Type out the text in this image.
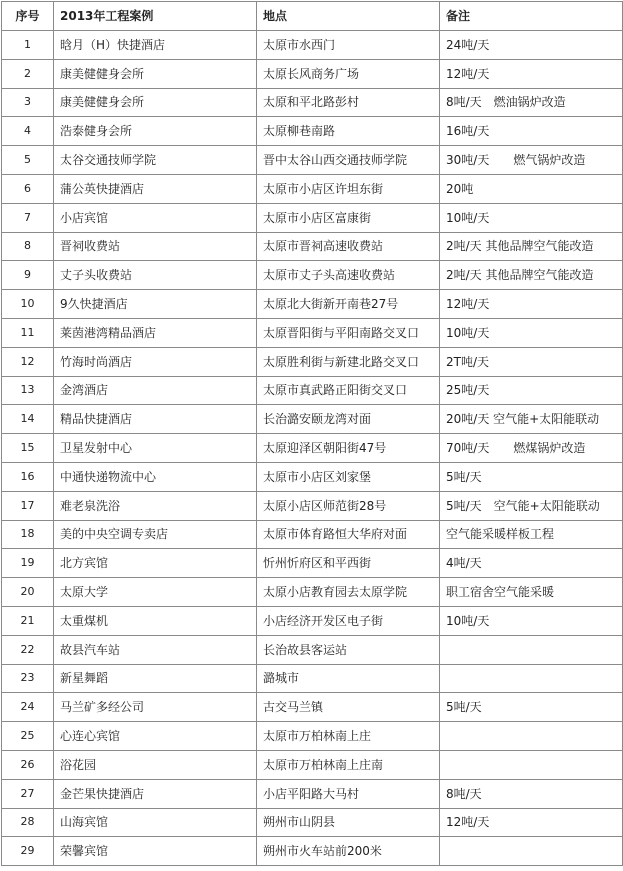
序号	2013年工程案例	地点	备注
1	晗月（H）快捷酒店	太原市水西门	24吨/天
2	康美健健身会所	太原长风商务广场	12吨/天
3	康美健健身会所	太原和平北路彭村	8吨/天　燃油锅炉改造
4	浩泰健身会所	太原柳巷南路	16吨/天
5	太谷交通技师学院	晋中太谷山西交通技师学院	30吨/天　　燃气锅炉改造
6	蒲公英快捷酒店	太原市小店区许坦东街	20吨
7	小店宾馆	太原市小店区富康街	10吨/天
8	晋祠收费站	太原市晋祠高速收费站	2吨/天 其他品牌空气能改造
9	丈子头收费站	太原市丈子头高速收费站	2吨/天 其他品牌空气能改造
10	9久快捷酒店	太原北大街新开南巷27号	12吨/天
11	莱茵港湾精品酒店	太原晋阳街与平阳南路交叉口	10吨/天
12	竹海时尚酒店	太原胜利街与新建北路交叉口	2T吨/天
13	金湾酒店	太原市真武路正阳街交叉口	25吨/天
14	精品快捷酒店	长治潞安颐龙湾对面	20吨/天 空气能+太阳能联动
15	卫星发射中心	太原迎泽区朝阳街47号	70吨/天　　燃煤锅炉改造
16	中通快递物流中心	太原市小店区刘家堡	5吨/天
17	难老泉洗浴	太原小店区师范街28号	5吨/天　空气能+太阳能联动
18	美的中央空调专卖店	太原市体育路恒大华府对面	空气能采暖样板工程
19	北方宾馆	忻州忻府区和平西街	4吨/天
20	太原大学	太原小店教育园去太原学院	职工宿舍空气能采暖
21	太重煤机	小店经济开发区电子街	10吨/天
22	故县汽车站	长治故县客运站	
23	新星舞蹈	潞城市	
24	马兰矿多经公司	古交马兰镇	5吨/天
25	心连心宾馆	太原市万柏林南上庄	
26	浴花园	太原市万柏林南上庄南	
27	金芒果快捷酒店	小店平阳路大马村	8吨/天
28	山海宾馆	朔州市山阴县	12吨/天
29	荣馨宾馆	朔州市火车站前200米	
